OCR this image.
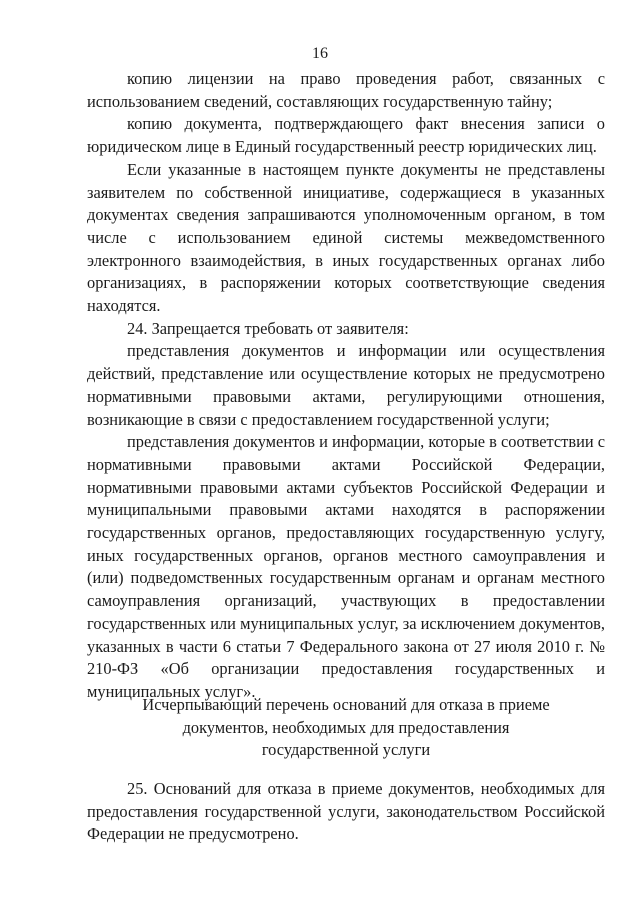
16

копию лицензии на право проведения работ, связанных с использованием сведений, составляющих государственную тайну;

копию документа, подтверждающего факт внесения записи о юридическом лице в Единый государственный реестр юридических лиц.

Если указанные в настоящем пункте документы не представлены заявителем по собственной инициативе, содержащиеся в указанных документах сведения запрашиваются уполномоченным органом, в том числе с использованием единой системы межведомственного электронного взаимодействия, в иных государственных органах либо организациях, в распоряжении которых соответствующие сведения находятся.

24. Запрещается требовать от заявителя:

представления документов и информации или осуществления действий, представление или осуществление которых не предусмотрено нормативными правовыми актами, регулирующими отношения, возникающие в связи с предоставлением государственной услуги;

представления документов и информации, которые в соответствии с нормативными правовыми актами Российской Федерации, нормативными правовыми актами субъектов Российской Федерации и муниципальными правовыми актами находятся в распоряжении государственных органов, предоставляющих государственную услугу, иных государственных органов, органов местного самоуправления и (или) подведомственных государственным органам и органам местного самоуправления организаций, участвующих в предоставлении государственных или муниципальных услуг, за исключением документов, указанных в части 6 статьи 7 Федерального закона от 27 июля 2010 г. № 210-ФЗ «Об организации предоставления государственных и муниципальных услуг».

Исчерпывающий перечень оснований для отказа в приеме
документов, необходимых для предоставления
государственной услуги

25. Оснований для отказа в приеме документов, необходимых для предоставления государственной услуги, законодательством Российской Федерации не предусмотрено.
